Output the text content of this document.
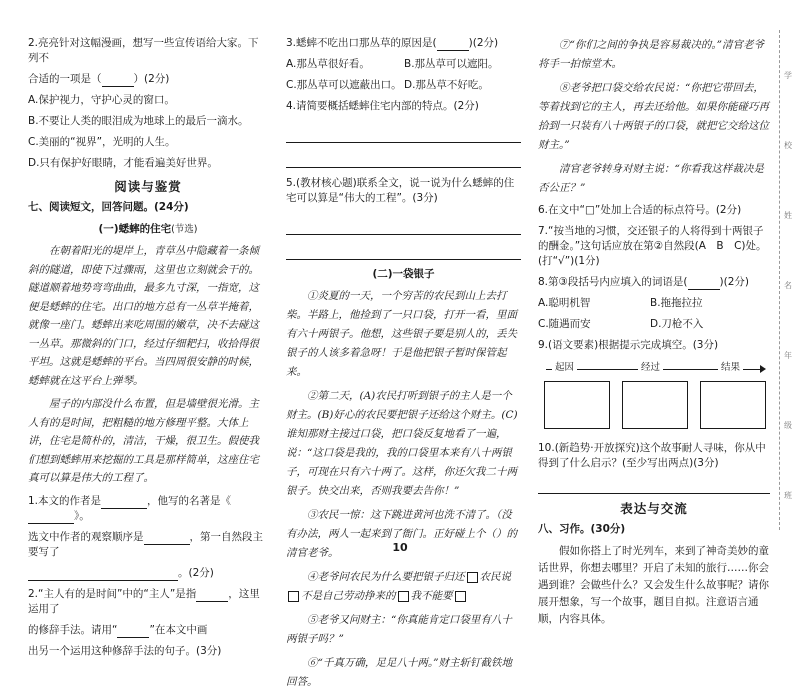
2.亮亮针对这幅漫画，想写一些宣传语给大家。下列不

合适的一项是（	）(2分)

A.保护视力，守护心灵的窗口。
B.不要让人类的眼泪成为地球上的最后一滴水。
C.美丽的“视界”，光明的人生。
D.只有保护好眼睛，才能看遍美好世界。
阅读与鉴赏

七、阅读短文，回答问题。(24分)

(一)蟋蟀的住宅(节选)

在朝着阳光的堤岸上，青草丛中隐藏着一条倾斜的隧道，即使下过骤雨，这里也立刻就会干的。隧道顺着地势弯弯曲曲，最多九寸深，一指宽，这便是蟋蟀的住宅。出口的地方总有一丛草半掩着，就像一座门。蟋蟀出来吃周围的嫩草，决不去碰这一丛草。那微斜的门口，经过仔细耙扫，收拾得很平坦。这就是蟋蟀的平台。当四周很安静的时候，蟋蟀就在这平台上弹琴。

屋子的内部没什么布置，但是墙壁很光滑。主人有的是时间，把粗糙的地方修理平整。大体上讲，住宅是简朴的，清洁，干燥，很卫生。假使我们想到蟋蟀用来挖掘的工具是那样简单，这座住宅真可以算是伟大的工程了。

1.本文的作者是	，他写的名著是《》。

选文中作者的观察顺序是	，第一自然段主要写了

。(2分)

2.“主人有的是时间”中的“主人”是指	，这里运用了

的修辞手法。请用“	”在本文中画

出另一个运用这种修辞手法的句子。(3分)

3.蟋蟀不吃出口那丛草的原因是(	)(2分)

A.那丛草很好看。	B.那丛草可以遮阳。

C.那丛草可以遮蔽出口。 D.那丛草不好吃。

4.请简要概括蟋蟀住宅内部的特点。(2分)

5.(教材核心题)联系全文，说一说为什么蟋蟀的住宅可以算是“伟大的工程”。(3分)

(二)一袋银子

①炎夏的一天，一个穷苦的农民到山上去打柴。半路上，他捡到了一只口袋，打开一看，里面有六十两银子。他想，这些银子要是别人的，丢失银子的人该多着急呀！于是他把银子暂时保管起来。

②第二天，(A)农民打听到银子的主人是一个财主。(B)好心的农民要把银子还给这个财主。(C)谁知那财主接过口袋，把口袋反复地看了一遍，说：“这口袋是我的，我的口袋里本来有八十两银子，可现在只有六十两了。这样，你还欠我二十两银子。快交出来，否则我要去告你！”

③农民一惊：这下跳进黄河也洗不清了。（没有办法，两人一起来到了衙门。正好碰上个（）的清官老爷。

④老爷问农民为什么要把银子归还 农民说不是自己劳动挣来的 我不能要

⑤老爷又问财主：“你真能肯定口袋里有八十两银子吗？”

⑥“千真万确，足足八十两。”财主斩钉截铁地回答。

⑦“你们之间的争执是容易裁决的。”清官老爷将手一拍惊堂木。

⑧老爷把口袋交给农民说：“你把它带回去，等着找到它的主人，再去还给他。如果你能碰巧再拾到一只装有八十两银子的口袋，就把它交给这位财主。”

清官老爷转身对财主说：“你看我这样裁决是否公正？”

6.在文中“□”处加上合适的标点符号。(2分)

7.“按当地的习惯，交还银子的人将得到十两银子的酬金。”这句话应放在第②自然段(A　B　C)处。(打“√”)(1分)

8.第③段括号内应填入的词语是(	)(2分)

A.聪明机智	B.拖拖拉拉

C.随遇而安	D.刀枪不入

9.(语文要素)根据提示完成填空。(3分)

起因	经过	结果

10.(新趋势·开放探究)这个故事耐人寻味，你从中得到了什么启示？(至少写出两点)(3分)

表达与交流

八、习作。(30分)

假如你搭上了时光列车，来到了神奇美妙的童话世界，你想去哪里？开启了未知的旅行……你会遇到谁？会做些什么？又会发生什么故事呢？请你展开想象，写一个故事，题目自拟。注意语言通顺，内容具体。

学
校
姓
名
年
级
班
10
